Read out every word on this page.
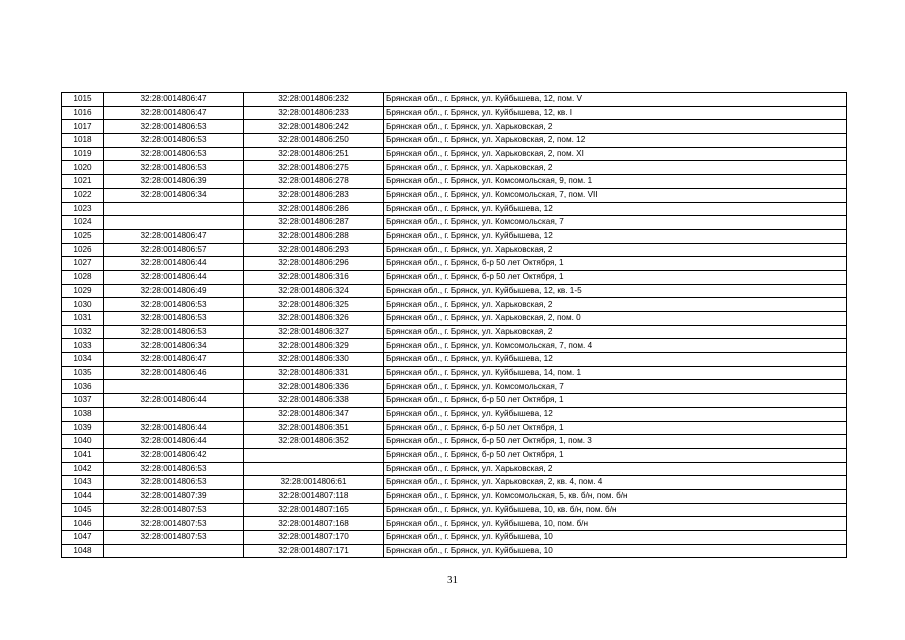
1015	32:28:0014806:47	32:28:0014806:232	Брянская обл., г. Брянск, ул. Куйбышева, 12, пом. V
1016	32:28:0014806:47	32:28:0014806:233	Брянская обл., г. Брянск, ул. Куйбышева, 12, кв. I
1017	32:28:0014806:53	32:28:0014806:242	Брянская обл., г. Брянск, ул. Харьковская, 2
1018	32:28:0014806:53	32:28:0014806:250	Брянская обл., г. Брянск, ул. Харьковская, 2, пом. 12
1019	32:28:0014806:53	32:28:0014806:251	Брянская обл., г. Брянск, ул. Харьковская, 2, пом. XI
1020	32:28:0014806:53	32:28:0014806:275	Брянская обл., г. Брянск, ул. Харьковская, 2
1021	32:28:0014806:39	32:28:0014806:278	Брянская обл., г. Брянск, ул. Комсомольская, 9, пом. 1
1022	32:28:0014806:34	32:28:0014806:283	Брянская обл., г. Брянск, ул. Комсомольская, 7, пом. VII
1023		32:28:0014806:286	Брянская обл., г. Брянск, ул. Куйбышева, 12
1024		32:28:0014806:287	Брянская обл., г. Брянск, ул. Комсомольская, 7
1025	32:28:0014806:47	32:28:0014806:288	Брянская обл., г. Брянск, ул. Куйбышева, 12
1026	32:28:0014806:57	32:28:0014806:293	Брянская обл., г. Брянск, ул. Харьковская, 2
1027	32:28:0014806:44	32:28:0014806:296	Брянская обл., г. Брянск, б-р 50 лет Октября, 1
1028	32:28:0014806:44	32:28:0014806:316	Брянская обл., г. Брянск, б-р 50 лет Октября, 1
1029	32:28:0014806:49	32:28:0014806:324	Брянская обл., г. Брянск, ул. Куйбышева, 12, кв. 1-5
1030	32:28:0014806:53	32:28:0014806:325	Брянская обл., г. Брянск, ул. Харьковская, 2
1031	32:28:0014806:53	32:28:0014806:326	Брянская обл., г. Брянск, ул. Харьковская, 2, пом. 0
1032	32:28:0014806:53	32:28:0014806:327	Брянская обл., г. Брянск, ул. Харьковская, 2
1033	32:28:0014806:34	32:28:0014806:329	Брянская обл., г. Брянск, ул. Комсомольская, 7, пом. 4
1034	32:28:0014806:47	32:28:0014806:330	Брянская обл., г. Брянск, ул. Куйбышева, 12
1035	32:28:0014806:46	32:28:0014806:331	Брянская обл., г. Брянск, ул. Куйбышева, 14, пом. 1
1036		32:28:0014806:336	Брянская обл., г. Брянск, ул. Комсомольская, 7
1037	32:28:0014806:44	32:28:0014806:338	Брянская обл., г. Брянск, б-р 50 лет Октября, 1
1038		32:28:0014806:347	Брянская обл., г. Брянск, ул. Куйбышева, 12
1039	32:28:0014806:44	32:28:0014806:351	Брянская обл., г. Брянск, б-р 50 лет Октября, 1
1040	32:28:0014806:44	32:28:0014806:352	Брянская обл., г. Брянск, б-р 50 лет Октября, 1, пом. 3
1041	32:28:0014806:42		Брянская обл., г. Брянск, б-р 50 лет Октября, 1
1042	32:28:0014806:53		Брянская обл., г. Брянск, ул. Харьковская, 2
1043	32:28:0014806:53	32:28:0014806:61	Брянская обл., г. Брянск, ул. Харьковская, 2, кв. 4, пом. 4
1044	32:28:0014807:39	32:28:0014807:118	Брянская обл., г. Брянск, ул. Комсомольская, 5, кв. б/н, пом. б/н
1045	32:28:0014807:53	32:28:0014807:165	Брянская обл., г. Брянск, ул. Куйбышева, 10, кв. б/н, пом. б/н
1046	32:28:0014807:53	32:28:0014807:168	Брянская обл., г. Брянск, ул. Куйбышева, 10, пом. б/н
1047	32:28:0014807:53	32:28:0014807:170	Брянская обл., г. Брянск, ул. Куйбышева, 10
1048		32:28:0014807:171	Брянская обл., г. Брянск, ул. Куйбышева, 10
31
